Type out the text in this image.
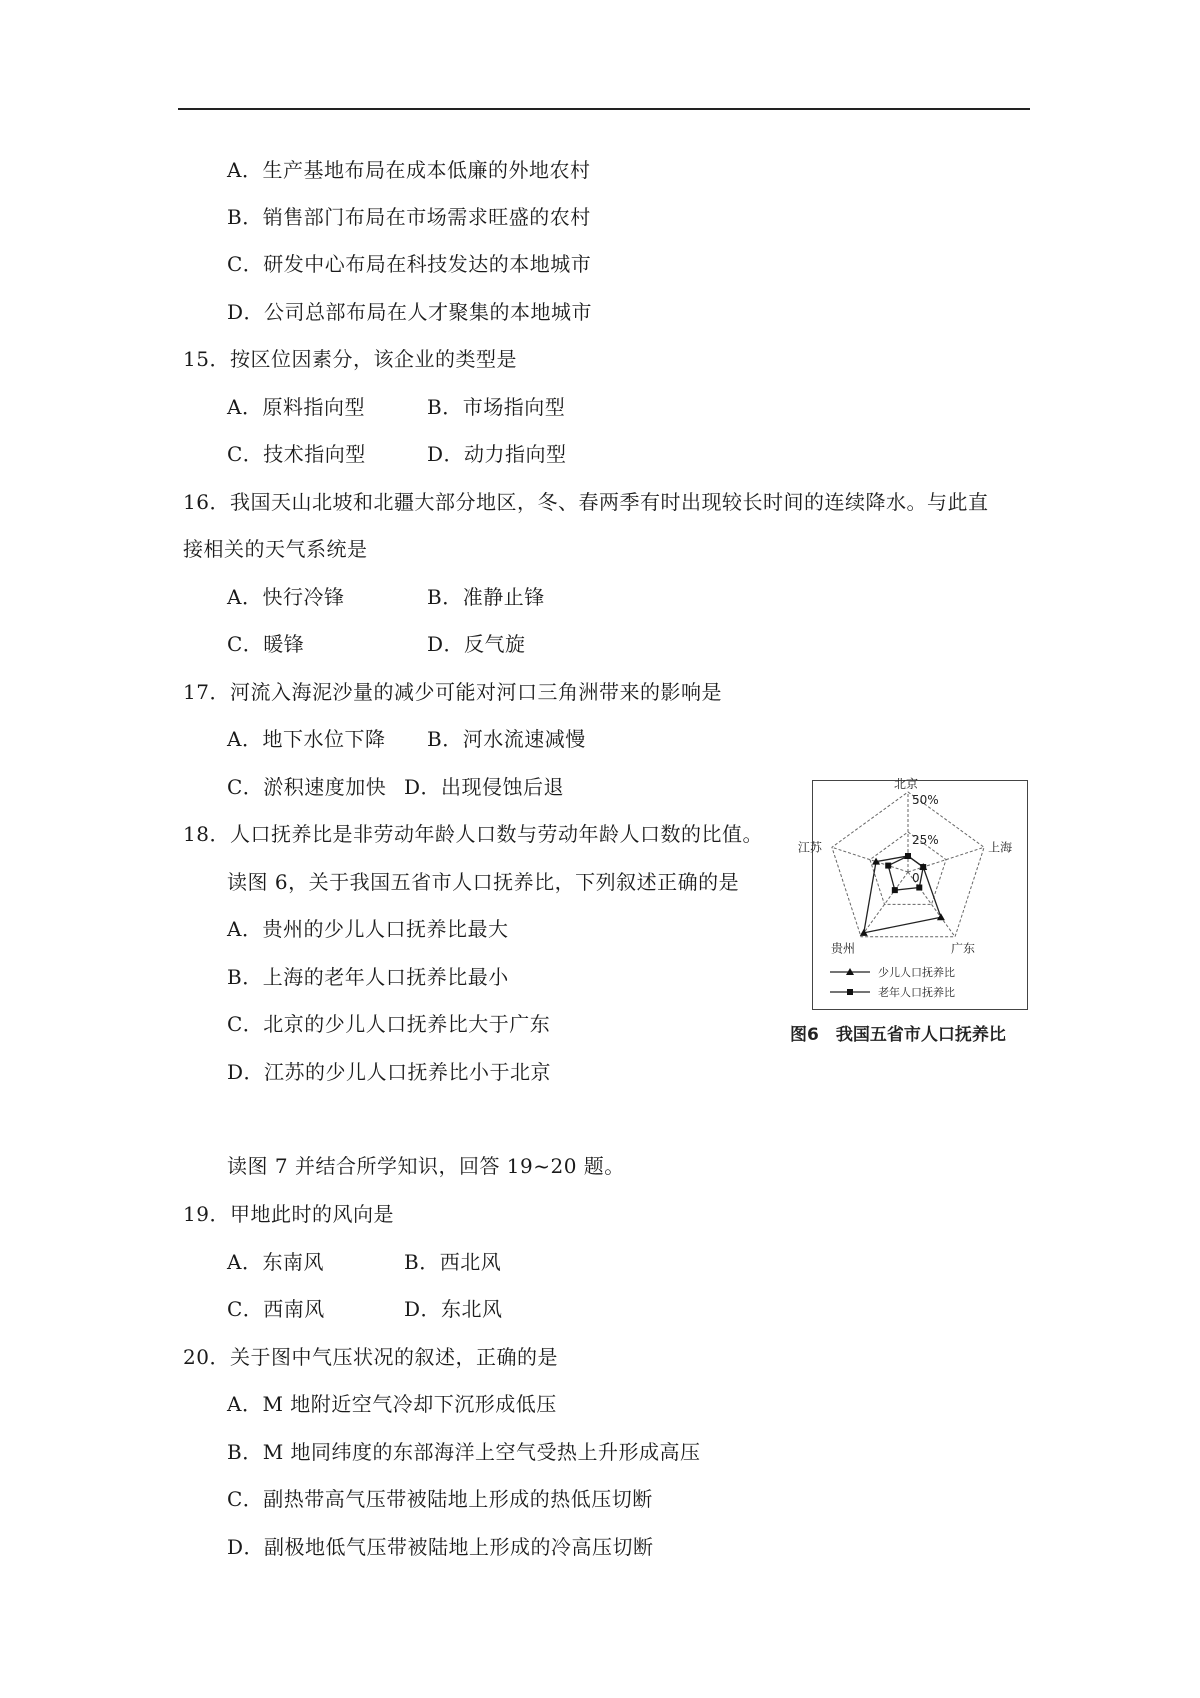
A．生产基地布局在成本低廉的外地农村
B．销售部门布局在市场需求旺盛的农村
C．研发中心布局在科技发达的本地城市
D．公司总部布局在人才聚集的本地城市
15．按区位因素分，该企业的类型是
A．原料指向型	B．市场指向型
C．技术指向型	D．动力指向型
16．我国天山北坡和北疆大部分地区，冬、春两季有时出现较长时间的连续降水。与此直
接相关的天气系统是
A．快行冷锋	B．准静止锋
C．暖锋	D．反气旋
17．河流入海泥沙量的减少可能对河口三角洲带来的影响是
A．地下水位下降 B．河水流速减慢
C．淤积速度加快 D．出现侵蚀后退
18．人口抚养比是非劳动年龄人口数与劳动年龄人口数的比值。
读图 6，关于我国五省市人口抚养比，下列叙述正确的是
A．贵州的少儿人口抚养比最大
B．上海的老年人口抚养比最小
C．北京的少儿人口抚养比大于广东
D．江苏的少儿人口抚养比小于北京
0
25%
50%
北京
上海
广东
贵州
江苏
少儿人口抚养比
老年人口抚养比
图6　我国五省市人口抚养比
读图 7 并结合所学知识，回答 19~20 题。
19．甲地此时的风向是
A．东南风	B．西北风
C．西南风	D．东北风
20．关于图中气压状况的叙述，正确的是
A．M 地附近空气冷却下沉形成低压
B．M 地同纬度的东部海洋上空气受热上升形成高压
C．副热带高气压带被陆地上形成的热低压切断
D．副极地低气压带被陆地上形成的冷高压切断
